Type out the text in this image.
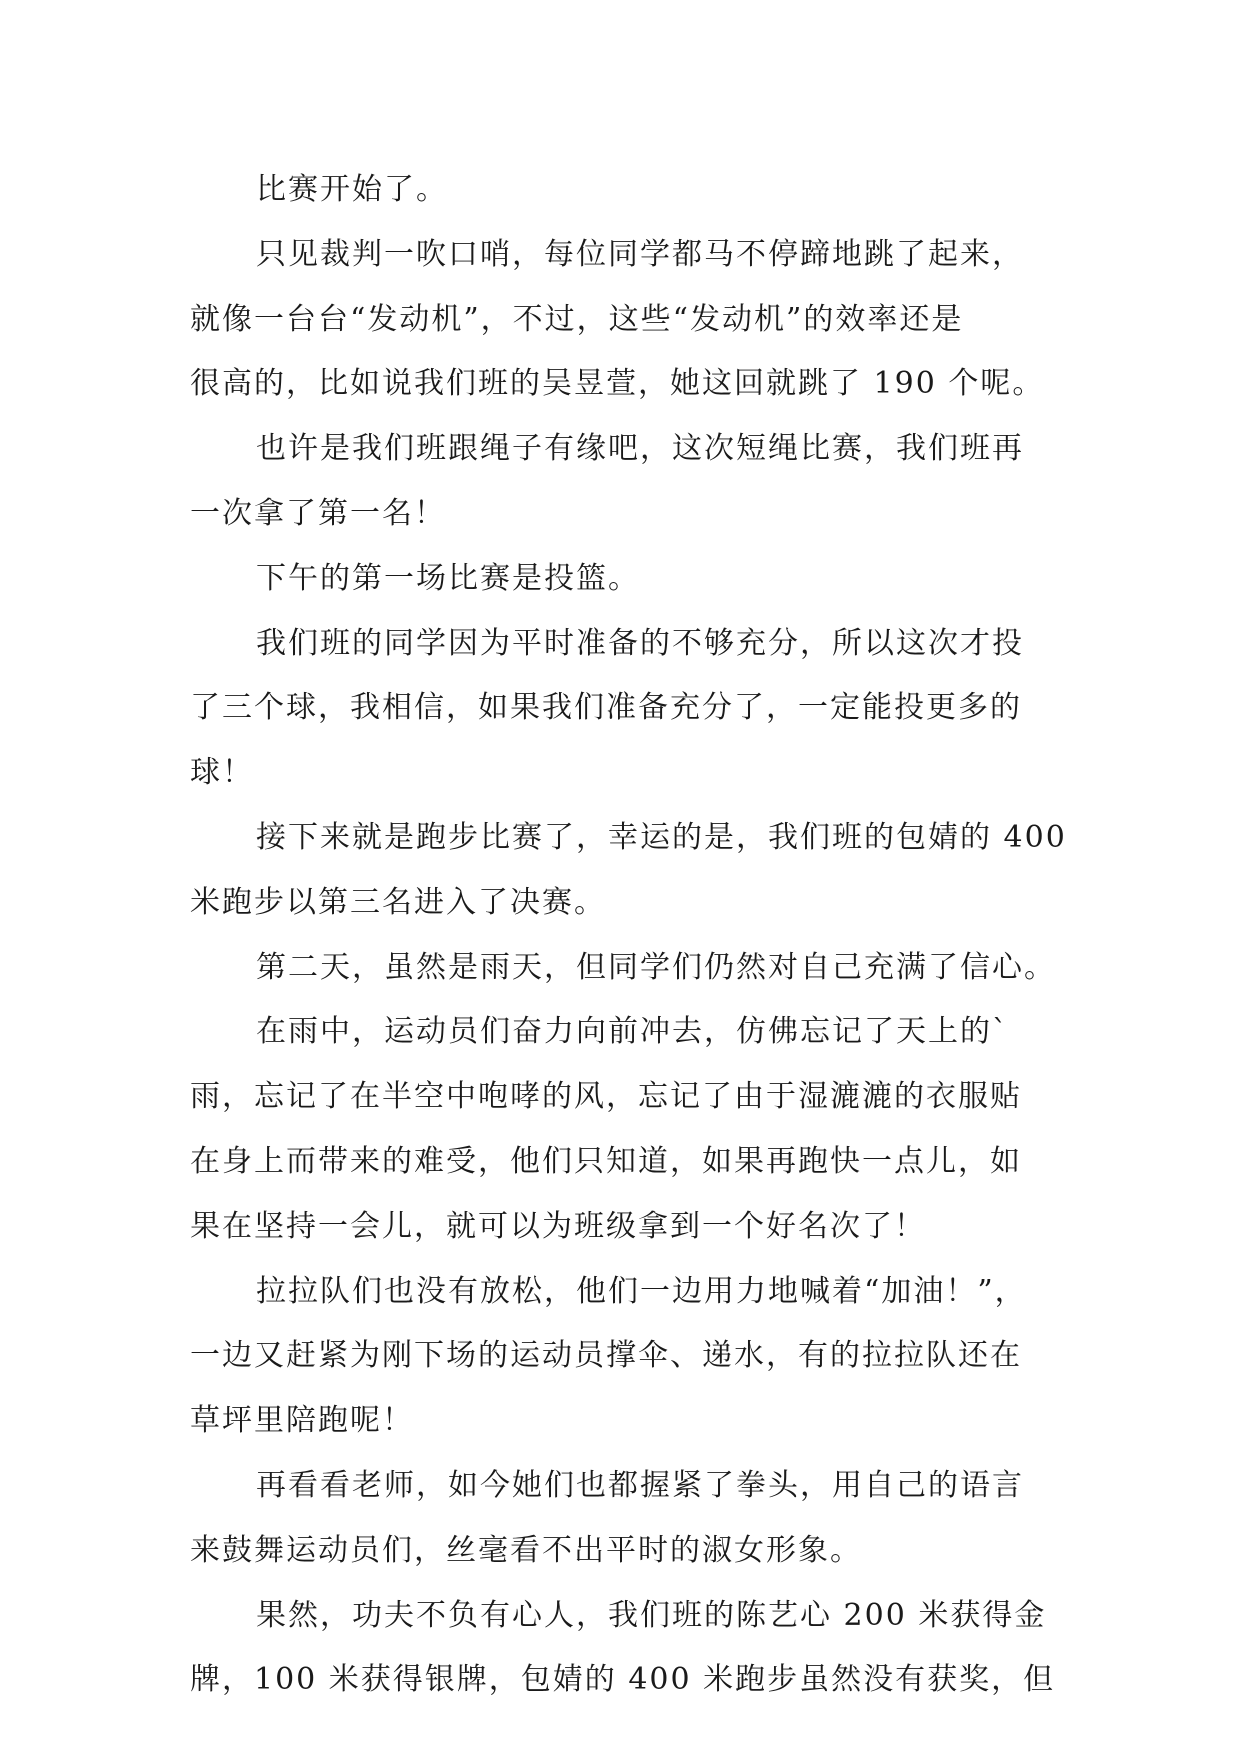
比赛开始了。
只见裁判一吹口哨，每位同学都马不停蹄地跳了起来，
就像一台台“发动机”，不过，这些“发动机”的效率还是
很高的，比如说我们班的吴昱萱，她这回就跳了 190 个呢。
也许是我们班跟绳子有缘吧，这次短绳比赛，我们班再
一次拿了第一名！
下午的第一场比赛是投篮。
我们班的同学因为平时准备的不够充分，所以这次才投
了三个球，我相信，如果我们准备充分了，一定能投更多的
球！
接下来就是跑步比赛了，幸运的是，我们班的包婧的 400
米跑步以第三名进入了决赛。
第二天，虽然是雨天，但同学们仍然对自己充满了信心。
在雨中，运动员们奋力向前冲去，仿佛忘记了天上的`
雨，忘记了在半空中咆哮的风，忘记了由于湿漉漉的衣服贴
在身上而带来的难受，他们只知道，如果再跑快一点儿，如
果在坚持一会儿，就可以为班级拿到一个好名次了！
拉拉队们也没有放松，他们一边用力地喊着“加油！”，
一边又赶紧为刚下场的运动员撑伞、递水，有的拉拉队还在
草坪里陪跑呢！
再看看老师，如今她们也都握紧了拳头，用自己的语言
来鼓舞运动员们，丝毫看不出平时的淑女形象。
果然，功夫不负有心人，我们班的陈艺心 200 米获得金
牌，100 米获得银牌，包婧的 400 米跑步虽然没有获奖，但
